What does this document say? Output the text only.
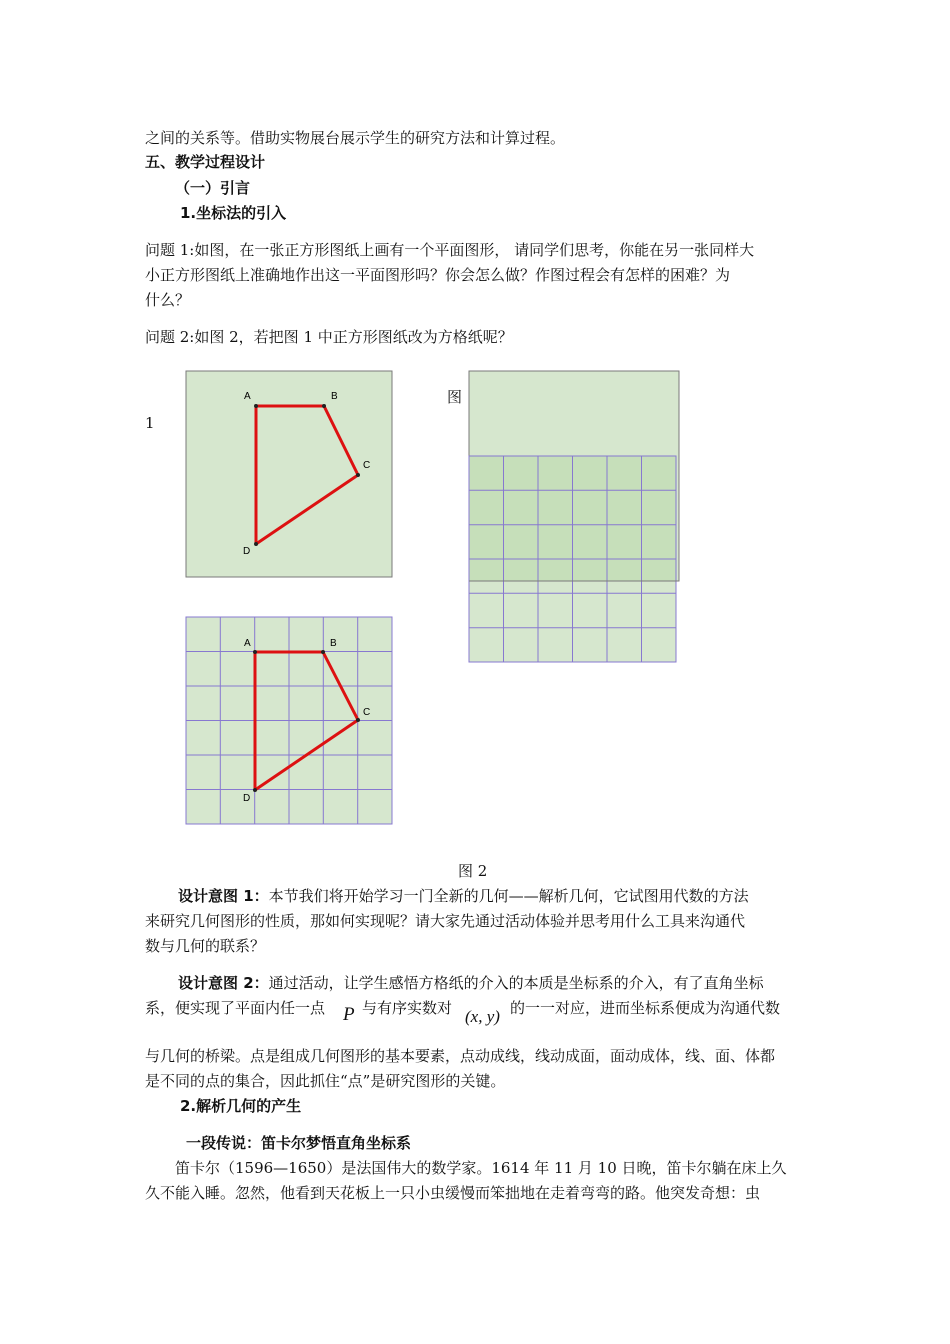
之间的关系等。借助实物展台展示学生的研究方法和计算过程。
五、教学过程设计
（一）引言
1.坐标法的引入
问题 1:如图，在一张正方形图纸上画有一个平面图形， 请同学们思考，你能在另一张同样大
小正方形图纸上准确地作出这一平面图形吗？你会怎么做？作图过程会有怎样的困难？为
什么？
问题 2:如图 2，若把图 1 中正方形图纸改为方格纸呢？
1
图
A	B
C
D
A	B
C
D
图 2
设计意图 1：本节我们将开始学习一门全新的几何——解析几何，它试图用代数的方法
来研究几何图形的性质，那如何实现呢？请大家先通过活动体验并思考用什么工具来沟通代
数与几何的联系？
设计意图 2：通过活动，让学生感悟方格纸的介入的本质是坐标系的介入，有了直角坐标
系，便实现了平面内任一点 P 与有序实数对 (x, y) 的一一对应，进而坐标系便成为沟通代数
与几何的桥梁。点是组成几何图形的基本要素，点动成线，线动成面，面动成体，线、面、体都
是不同的点的集合，因此抓住“点”是研究图形的关键。
2.解析几何的产生
一段传说：笛卡尔梦悟直角坐标系
笛卡尔（1596—1650）是法国伟大的数学家。1614 年 11 月 10 日晚，笛卡尔躺在床上久
久不能入睡。忽然，他看到天花板上一只小虫缓慢而笨拙地在走着弯弯的路。他突发奇想：虫
